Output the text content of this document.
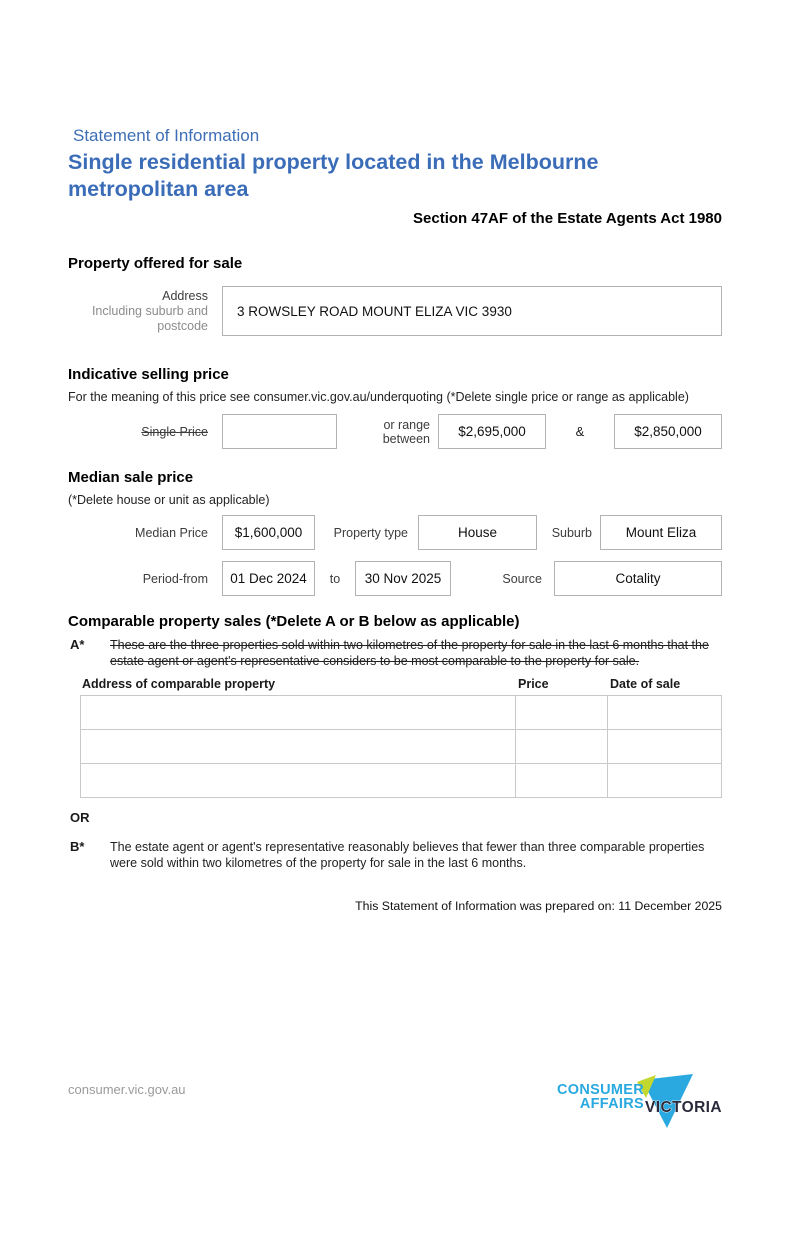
Statement of Information
Single residential property located in the Melbourne metropolitan area
Section 47AF of the Estate Agents Act 1980
Property offered for sale
Address
Including suburb and postcode
3 ROWSLEY ROAD MOUNT ELIZA VIC 3930
Indicative selling price
For the meaning of this price see consumer.vic.gov.au/underquoting (*Delete single price or range as applicable)
Single Price	or range between	$2,695,000	&	$2,850,000
Median sale price
(*Delete house or unit as applicable)
Median Price	$1,600,000	Property type	House	Suburb	Mount Eliza
Period-from	01 Dec 2024	to	30 Nov 2025	Source	Cotality
Comparable property sales (*Delete A or B below as applicable)
A*	These are the three properties sold within two kilometres of the property for sale in the last 6 months that the estate agent or agent's representative considers to be most comparable to the property for sale.
Address of comparable property	Price	Date of sale

OR
B*	The estate agent or agent's representative reasonably believes that fewer than three comparable properties were sold within two kilometres of the property for sale in the last 6 months.
This Statement of Information was prepared on: 11 December 2025
consumer.vic.gov.au	CONSUMER
AFFAIRS VICTORIA
